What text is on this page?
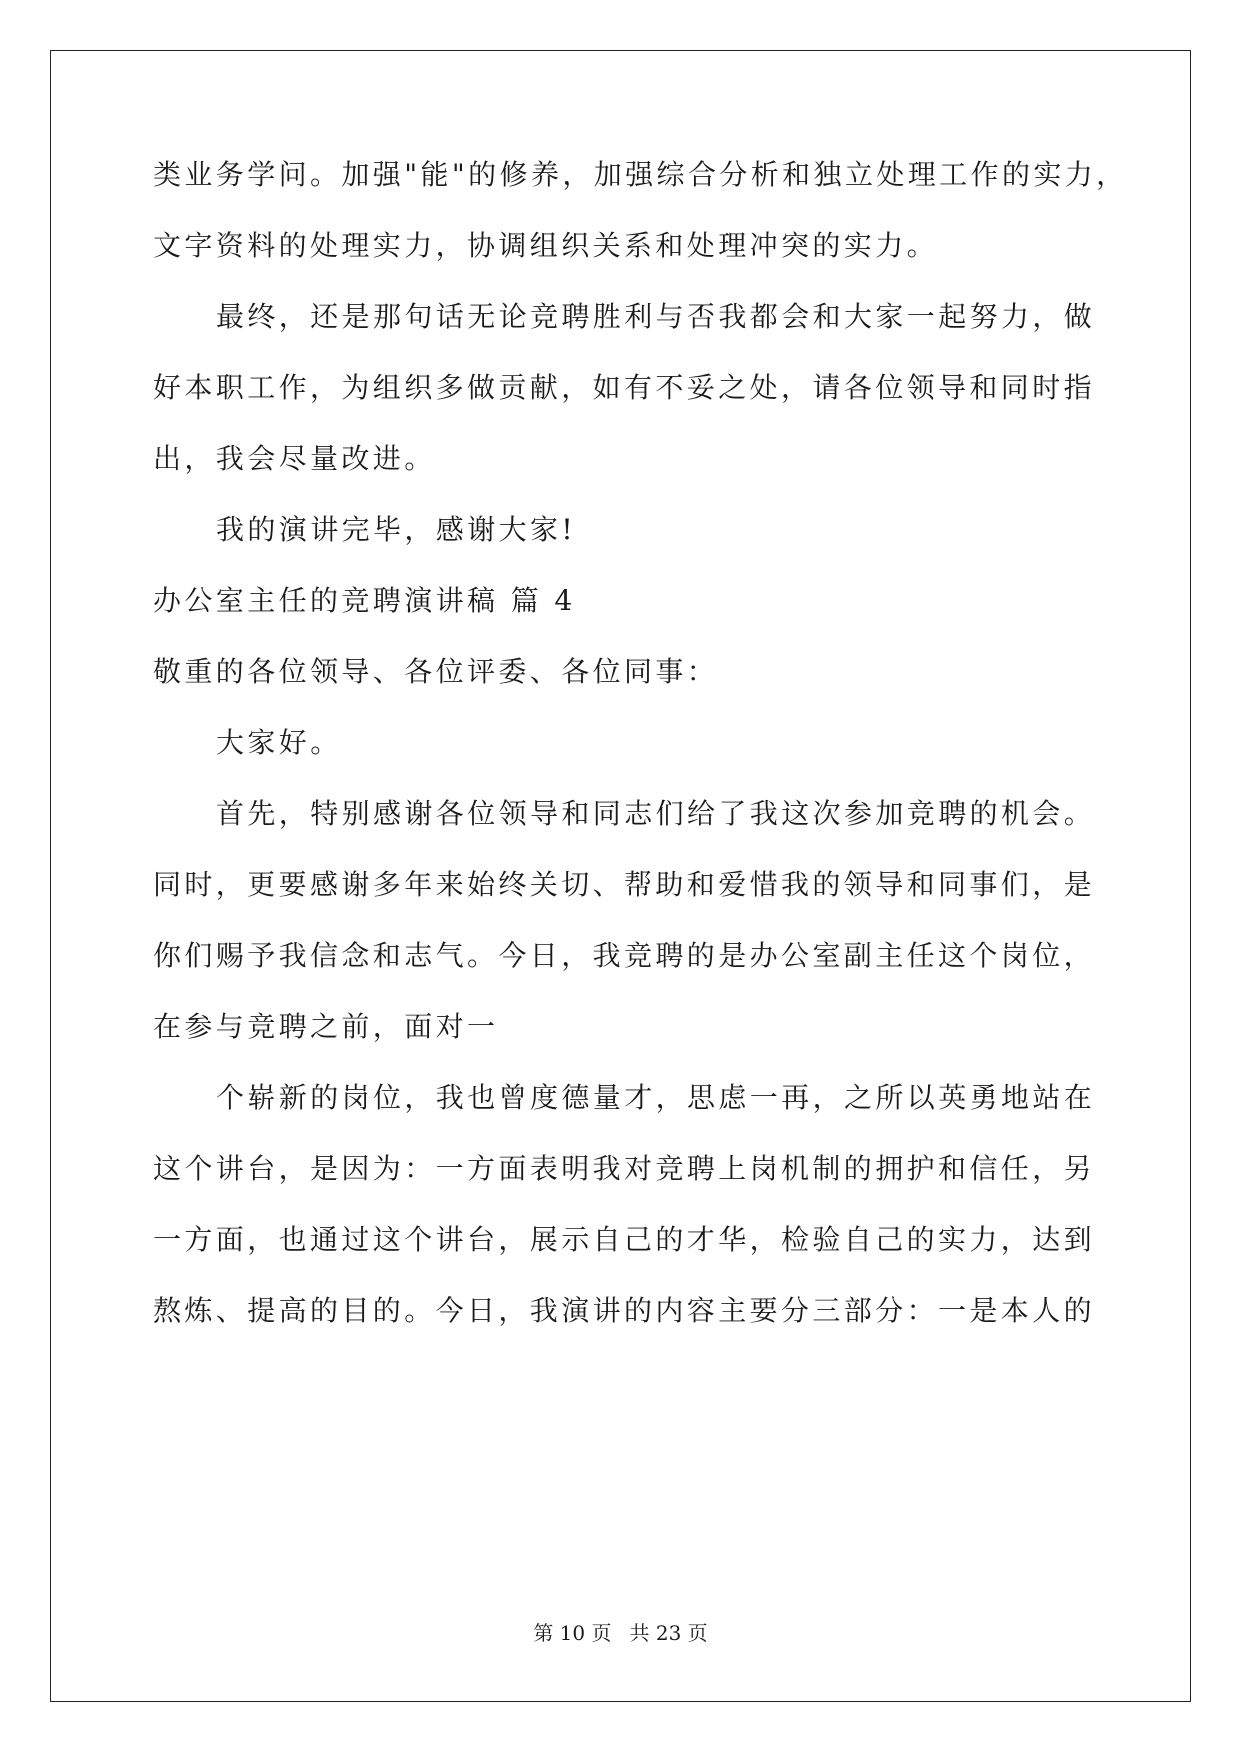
类业务学问。加强"能"的修养，加强综合分析和独立处理工作的实力，
文字资料的处理实力，协调组织关系和处理冲突的实力。
最终，还是那句话无论竞聘胜利与否我都会和大家一起努力，做
好本职工作，为组织多做贡献，如有不妥之处，请各位领导和同时指
出，我会尽量改进。
我的演讲完毕，感谢大家!
办公室主任的竞聘演讲稿 篇 4
敬重的各位领导、各位评委、各位同事：
大家好。
首先，特别感谢各位领导和同志们给了我这次参加竞聘的机会。
同时，更要感谢多年来始终关切、帮助和爱惜我的领导和同事们，是
你们赐予我信念和志气。今日，我竞聘的是办公室副主任这个岗位，
在参与竞聘之前，面对一
个崭新的岗位，我也曾度德量才，思虑一再，之所以英勇地站在
这个讲台，是因为：一方面表明我对竞聘上岗机制的拥护和信任，另
一方面，也通过这个讲台，展示自己的才华，检验自己的实力，达到
熬炼、提高的目的。今日，我演讲的内容主要分三部分：一是本人的
第 10 页 共 23 页
